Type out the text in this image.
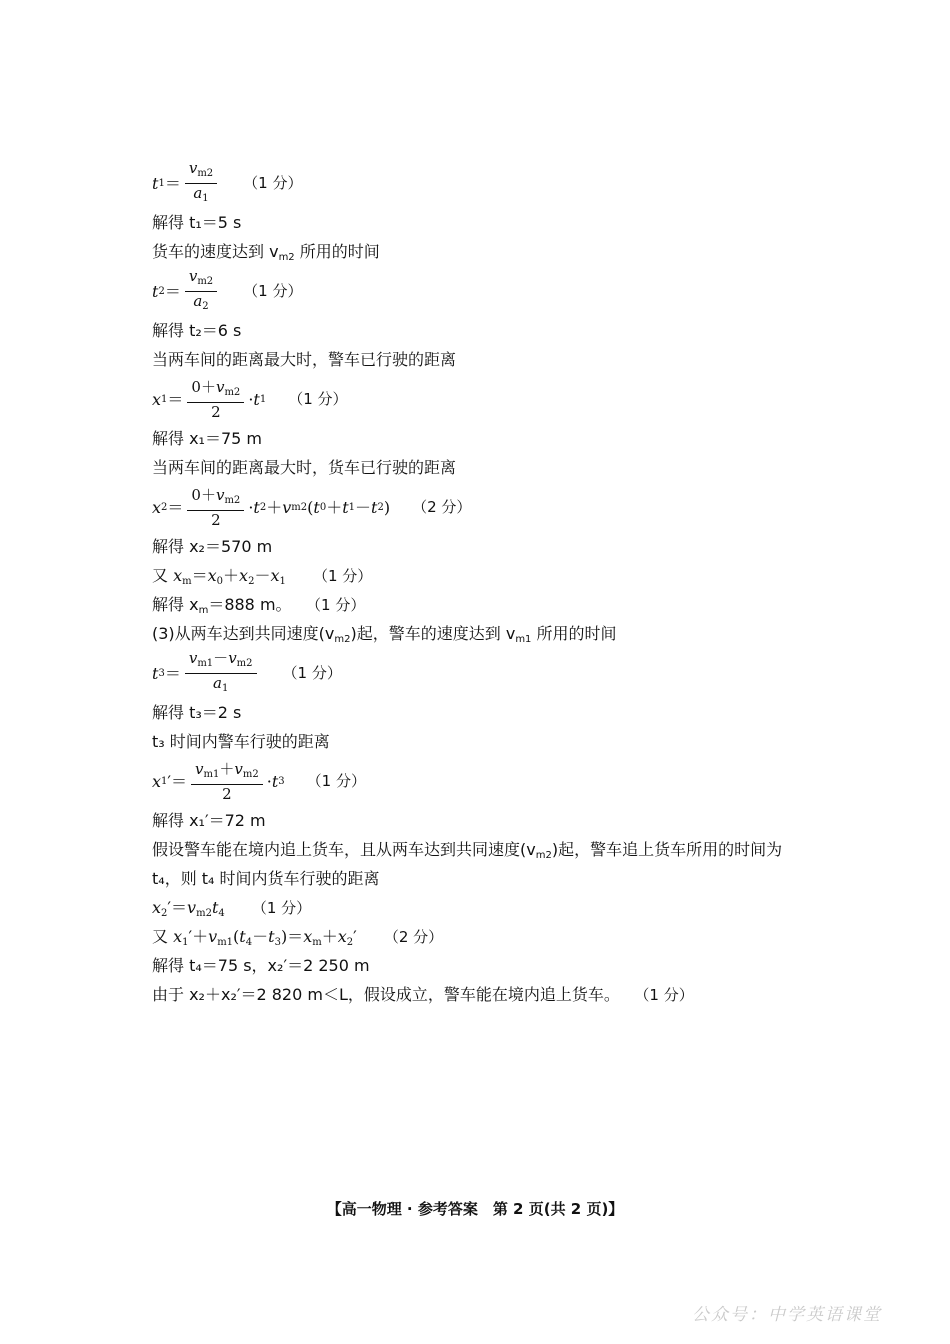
t $1 = \frac{v_{m2}}{a_1} (1$ 分）
解得 t₁＝5 s
货车的速度达到 $v_{m2}$ 所用的时间
t $2 = \frac{v_{m2}}{a_2} (1$ 分）
解得 t₂＝6 s
当两车间的距离最大时，警车已行驶的距离
x $1 = \frac{0+v_{m2}}{2} \cdot t$ 1 （1 分）
解得 x₁＝75 m
当两车间的距离最大时，货车已行驶的距离
x $2 = \frac{0+v_{m2}}{2} \cdot t$ 2 ＋ v m2 ( t 0 ＋ t 1 － t 2 ) （2 分）
解得 x₂＝570 m
又 $x_m=x_0+x_2-x_1$ （1 分）
解得 $x_m=888$ m。 （1 分）
(3)从两车达到共同速度$(v_{m2})$起，警车的速度达到 $v_{m1}$ 所用的时间
t $3 = \frac{v_{m1}-v_{m2}}{a_1} (1$ 分）
解得 t₃＝2 s
t₃ 时间内警车行驶的距离
x 1 ′＝ $\frac{v_{m1}+v_{m2}}{2} \cdot t$ 3 （1 分）
解得 x₁′＝72 m
假设警车能在境内追上货车，且从两车达到共同速度$(v_{m2})$起，警车追上货车所用的时间为
t₄，则 t₄ 时间内货车行驶的距离
$x_2'=v_{m2}t_4$ （1 分）
又 $x_1'+v_{m1}(t_4-t_3)=x_m+x_2'$ （2 分）
解得 t₄＝75 s，x₂′＝2 250 m
由于 x₂＋x₂′＝2 820 m＜L，假设成立，警车能在境内追上货车。 （1 分）
【高一物理 · 参考答案　第 2 页(共 2 页)】
公众号：中学英语课堂
